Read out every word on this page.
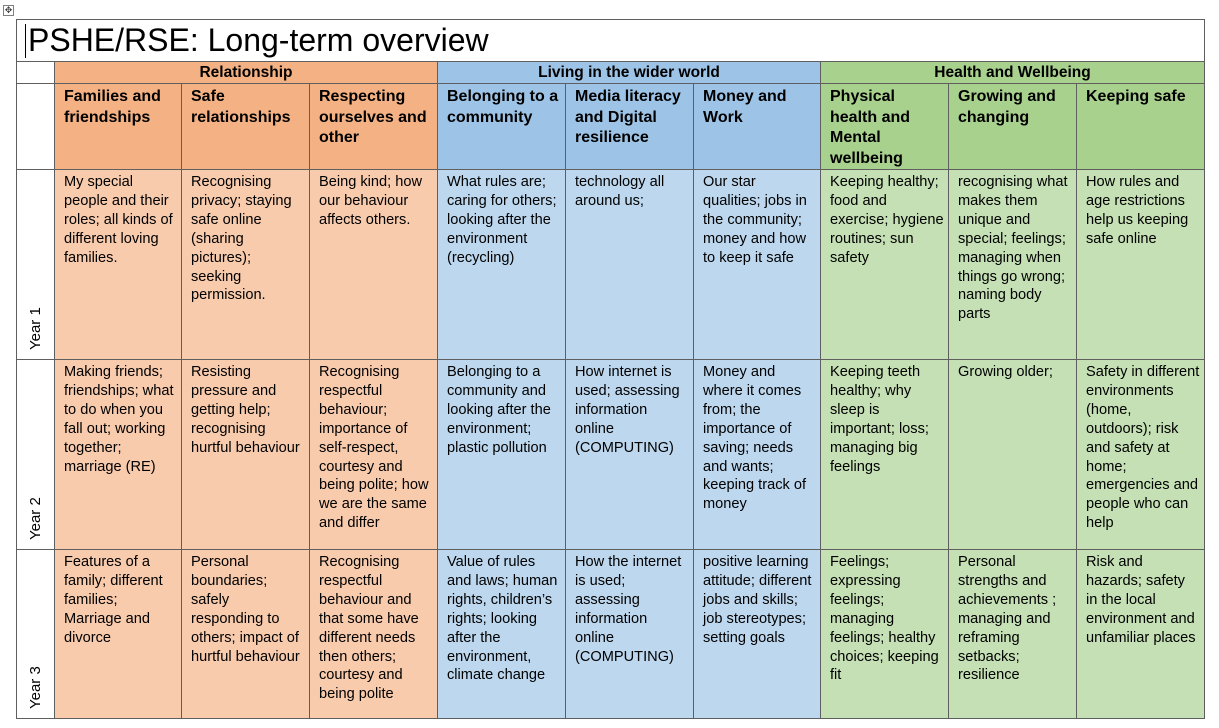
✥
PSHE/RSE: Long-term overview									
	Relationship			Living in the wider world			Health and Wellbeing		
	Families and friendships	Safe relationships	Respecting ourselves and other	Belonging to a community	Media literacy and Digital resilience	Money and Work	Physical health and Mental wellbeing	Growing and changing	Keeping safe

Year 1	My special people and their roles; all kinds of different loving families.	Recognising privacy; staying safe online (sharing pictures); seeking permission.	Being kind; how our behaviour affects others.	What rules are; caring for others; looking after the environment (recycling)	technology all around us;	Our star qualities; jobs in the community; money and how to keep it safe	Keeping healthy; food and exercise; hygiene routines; sun safety	recognising what makes them unique and special; feelings; managing when things go wrong; naming body parts	How rules and age restrictions help us keeping safe online

Year 2	Making friends; friendships; what to do when you fall out; working together; marriage (RE)	Resisting pressure and getting help; recognising hurtful behaviour	Recognising respectful behaviour; importance of self-respect, courtesy and being polite; how we are the same and differ	Belonging to a community and looking after the environment; plastic pollution	How internet is used; assessing information online (COMPUTING)	Money and where it comes from; the importance of saving; needs and wants; keeping track of money	Keeping teeth healthy; why sleep is important; loss; managing big feelings	Growing older;	Safety in different environments (home, outdoors); risk and safety at home; emergencies and people who can help

Year 3	Features of a family; different families; Marriage and divorce	Personal boundaries; safely responding to others; impact of hurtful behaviour	Recognising respectful behaviour and that some have different needs then others; courtesy and being polite	Value of rules and laws; human rights, children’s rights; looking after the environment, climate change	How the internet is used; assessing information online (COMPUTING)	positive learning attitude; different jobs and skills; job stereotypes; setting goals	Feelings; expressing feelings; managing feelings; healthy choices; keeping fit	Personal strengths and achievements ; managing and reframing setbacks; resilience	Risk and hazards; safety in the local environment and unfamiliar places
